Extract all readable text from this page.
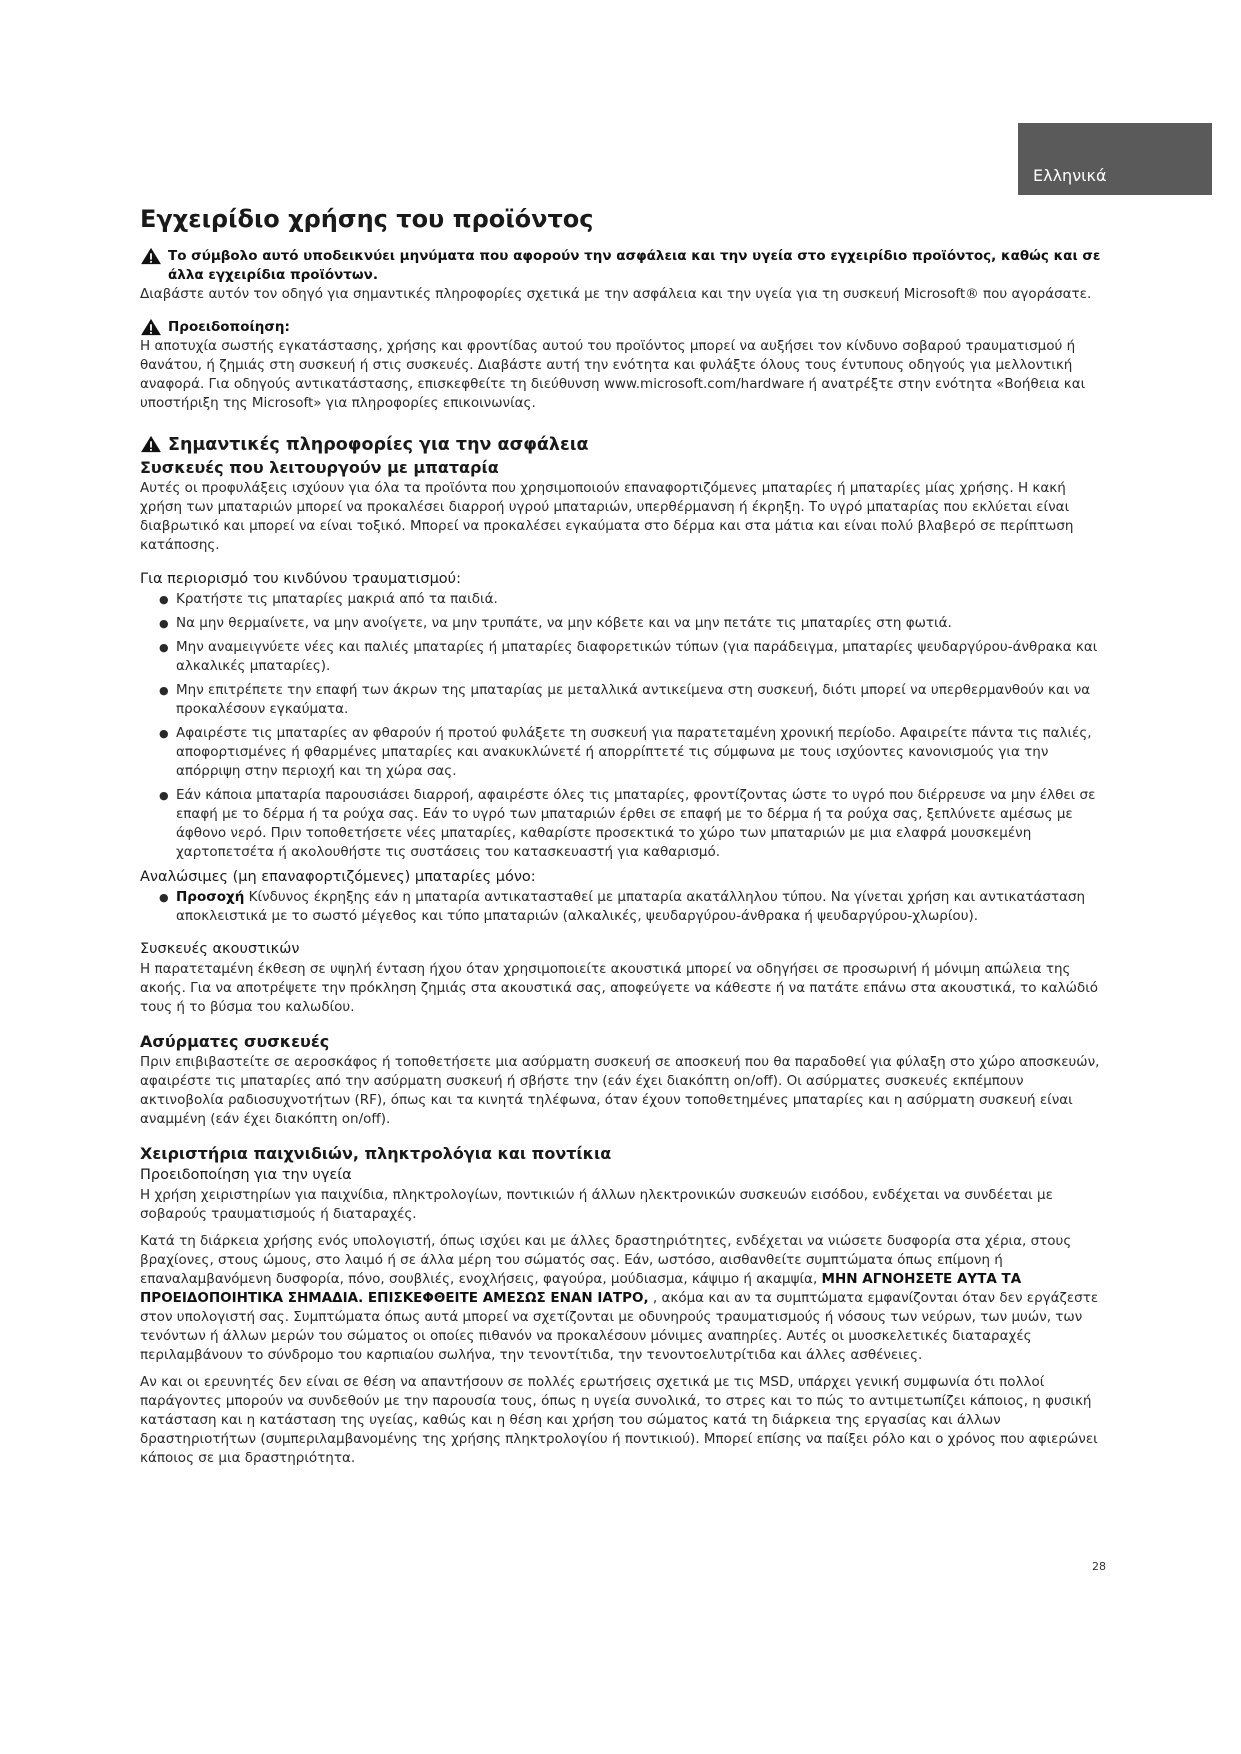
Ελληνικά
Εγχειρίδιο χρήσης του προϊόντος

Το σύμβολο αυτό υποδεικνύει μηνύματα που αφορούν την ασφάλεια και την υγεία στο εγχειρίδιο προϊόντος, καθώς και σε άλλα εγχειρίδια προϊόντων.

Διαβάστε αυτόν τον οδηγό για σημαντικές πληροφορίες σχετικά με την ασφάλεια και την υγεία για τη συσκευή Microsoft® που αγοράσατε.

Προειδοποίηση:

Η αποτυχία σωστής εγκατάστασης, χρήσης και φροντίδας αυτού του προϊόντος μπορεί να αυξήσει τον κίνδυνο σοβαρού τραυματισμού ή θανάτου, ή ζημιάς στη συσκευή ή στις συσκευές. Διαβάστε αυτή την ενότητα και φυλάξτε όλους τους έντυπους οδηγούς για μελλοντική αναφορά. Για οδηγούς αντικατάστασης, επισκεφθείτε τη διεύθυνση www.microsoft.com/hardware ή ανατρέξτε στην ενότητα «Βοήθεια και υποστήριξη της Microsoft» για πληροφορίες επικοινωνίας.

Σημαντικές πληροφορίες για την ασφάλεια
Συσκευές που λειτουργούν με μπαταρία

Αυτές οι προφυλάξεις ισχύουν για όλα τα προϊόντα που χρησιμοποιούν επαναφορτιζόμενες μπαταρίες ή μπαταρίες μίας χρήσης. Η κακή χρήση των μπαταριών μπορεί να προκαλέσει διαρροή υγρού μπαταριών, υπερθέρμανση ή έκρηξη. Το υγρό μπαταρίας που εκλύεται είναι διαβρωτικό και μπορεί να είναι τοξικό. Μπορεί να προκαλέσει εγκαύματα στο δέρμα και στα μάτια και είναι πολύ βλαβερό σε περίπτωση κατάποσης.

Για περιορισμό του κινδύνου τραυματισμού:
● Κρατήστε τις μπαταρίες μακριά από τα παιδιά.
● Να μην θερμαίνετε, να μην ανοίγετε, να μην τρυπάτε, να μην κόβετε και να μην πετάτε τις μπαταρίες στη φωτιά.
● Μην αναμειγνύετε νέες και παλιές μπαταρίες ή μπαταρίες διαφορετικών τύπων (για παράδειγμα, μπαταρίες ψευδαργύρου-άνθρακα και αλκαλικές μπαταρίες).
● Μην επιτρέπετε την επαφή των άκρων της μπαταρίας με μεταλλικά αντικείμενα στη συσκευή, διότι μπορεί να υπερθερμανθούν και να προκαλέσουν εγκαύματα.
● Αφαιρέστε τις μπαταρίες αν φθαρούν ή προτού φυλάξετε τη συσκευή για παρατεταμένη χρονική περίοδο. Αφαιρείτε πάντα τις παλιές, αποφορτισμένες ή φθαρμένες μπαταρίες και ανακυκλώνετέ ή απορρίπτετέ τις σύμφωνα με τους ισχύοντες κανονισμούς για την απόρριψη στην περιοχή και τη χώρα σας.
● Εάν κάποια μπαταρία παρουσιάσει διαρροή, αφαιρέστε όλες τις μπαταρίες, φροντίζοντας ώστε το υγρό που διέρρευσε να μην έλθει σε επαφή με το δέρμα ή τα ρούχα σας. Εάν το υγρό των μπαταριών έρθει σε επαφή με το δέρμα ή τα ρούχα σας, ξεπλύνετε αμέσως με άφθονο νερό. Πριν τοποθετήσετε νέες μπαταρίες, καθαρίστε προσεκτικά το χώρο των μπαταριών με μια ελαφρά μουσκεμένη χαρτοπετσέτα ή ακολουθήστε τις συστάσεις του κατασκευαστή για καθαρισμό.
Αναλώσιμες (μη επαναφορτιζόμενες) μπαταρίες μόνο:
● Προσοχή Κίνδυνος έκρηξης εάν η μπαταρία αντικατασταθεί με μπαταρία ακατάλληλου τύπου. Να γίνεται χρήση και αντικατάσταση αποκλειστικά με το σωστό μέγεθος και τύπο μπαταριών (αλκαλικές, ψευδαργύρου-άνθρακα ή ψευδαργύρου-χλωρίου).
Συσκευές ακουστικών

Η παρατεταμένη έκθεση σε υψηλή ένταση ήχου όταν χρησιμοποιείτε ακουστικά μπορεί να οδηγήσει σε προσωρινή ή μόνιμη απώλεια της ακοής. Για να αποτρέψετε την πρόκληση ζημιάς στα ακουστικά σας, αποφεύγετε να κάθεστε ή να πατάτε επάνω στα ακουστικά, το καλώδιό τους ή το βύσμα του καλωδίου.

Ασύρματες συσκευές

Πριν επιβιβαστείτε σε αεροσκάφος ή τοποθετήσετε μια ασύρματη συσκευή σε αποσκευή που θα παραδοθεί για φύλαξη στο χώρο αποσκευών, αφαιρέστε τις μπαταρίες από την ασύρματη συσκευή ή σβήστε την (εάν έχει διακόπτη on/off). Οι ασύρματες συσκευές εκπέμπουν ακτινοβολία ραδιοσυχνοτήτων (RF), όπως και τα κινητά τηλέφωνα, όταν έχουν τοποθετημένες μπαταρίες και η ασύρματη συσκευή είναι αναμμένη (εάν έχει διακόπτη on/off).

Χειριστήρια παιχνιδιών, πληκτρολόγια και ποντίκια
Προειδοποίηση για την υγεία

Η χρήση χειριστηρίων για παιχνίδια, πληκτρολογίων, ποντικιών ή άλλων ηλεκτρονικών συσκευών εισόδου, ενδέχεται να συνδέεται με σοβαρούς τραυματισμούς ή διαταραχές.

Κατά τη διάρκεια χρήσης ενός υπολογιστή, όπως ισχύει και με άλλες δραστηριότητες, ενδέχεται να νιώσετε δυσφορία στα χέρια, στους βραχίονες, στους ώμους, στο λαιμό ή σε άλλα μέρη του σώματός σας. Εάν, ωστόσο, αισθανθείτε συμπτώματα όπως επίμονη ή επαναλαμβανόμενη δυσφορία, πόνο, σουβλιές, ενοχλήσεις, φαγούρα, μούδιασμα, κάψιμο ή ακαμψία, ΜΗΝ ΑΓΝΟΗΣΕΤΕ ΑΥΤΑ ΤΑ ΠΡΟΕΙΔΟΠΟΙΗΤΙΚΑ ΣΗΜΑΔΙΑ. ΕΠΙΣΚΕΦΘΕΙΤΕ ΑΜΕΣΩΣ ΕΝΑΝ ΙΑΤΡΟ, , ακόμα και αν τα συμπτώματα εμφανίζονται όταν δεν εργάζεστε στον υπολογιστή σας. Συμπτώματα όπως αυτά μπορεί να σχετίζονται με οδυνηρούς τραυματισμούς ή νόσους των νεύρων, των μυών, των τενόντων ή άλλων μερών του σώματος οι οποίες πιθανόν να προκαλέσουν μόνιμες αναπηρίες. Αυτές οι μυοσκελετικές διαταραχές περιλαμβάνουν το σύνδρομο του καρπιαίου σωλήνα, την τενοντίτιδα, την τενοντοελυτρίτιδα και άλλες ασθένειες.

Αν και οι ερευνητές δεν είναι σε θέση να απαντήσουν σε πολλές ερωτήσεις σχετικά με τις MSD, υπάρχει γενική συμφωνία ότι πολλοί παράγοντες μπορούν να συνδεθούν με την παρουσία τους, όπως η υγεία συνολικά, το στρες και το πώς το αντιμετωπίζει κάποιος, η φυσική κατάσταση και η κατάσταση της υγείας, καθώς και η θέση και χρήση του σώματος κατά τη διάρκεια της εργασίας και άλλων δραστηριοτήτων (συμπεριλαμβανομένης της χρήσης πληκτρολογίου ή ποντικιού). Μπορεί επίσης να παίξει ρόλο και ο χρόνος που αφιερώνει κάποιος σε μια δραστηριότητα.

28
